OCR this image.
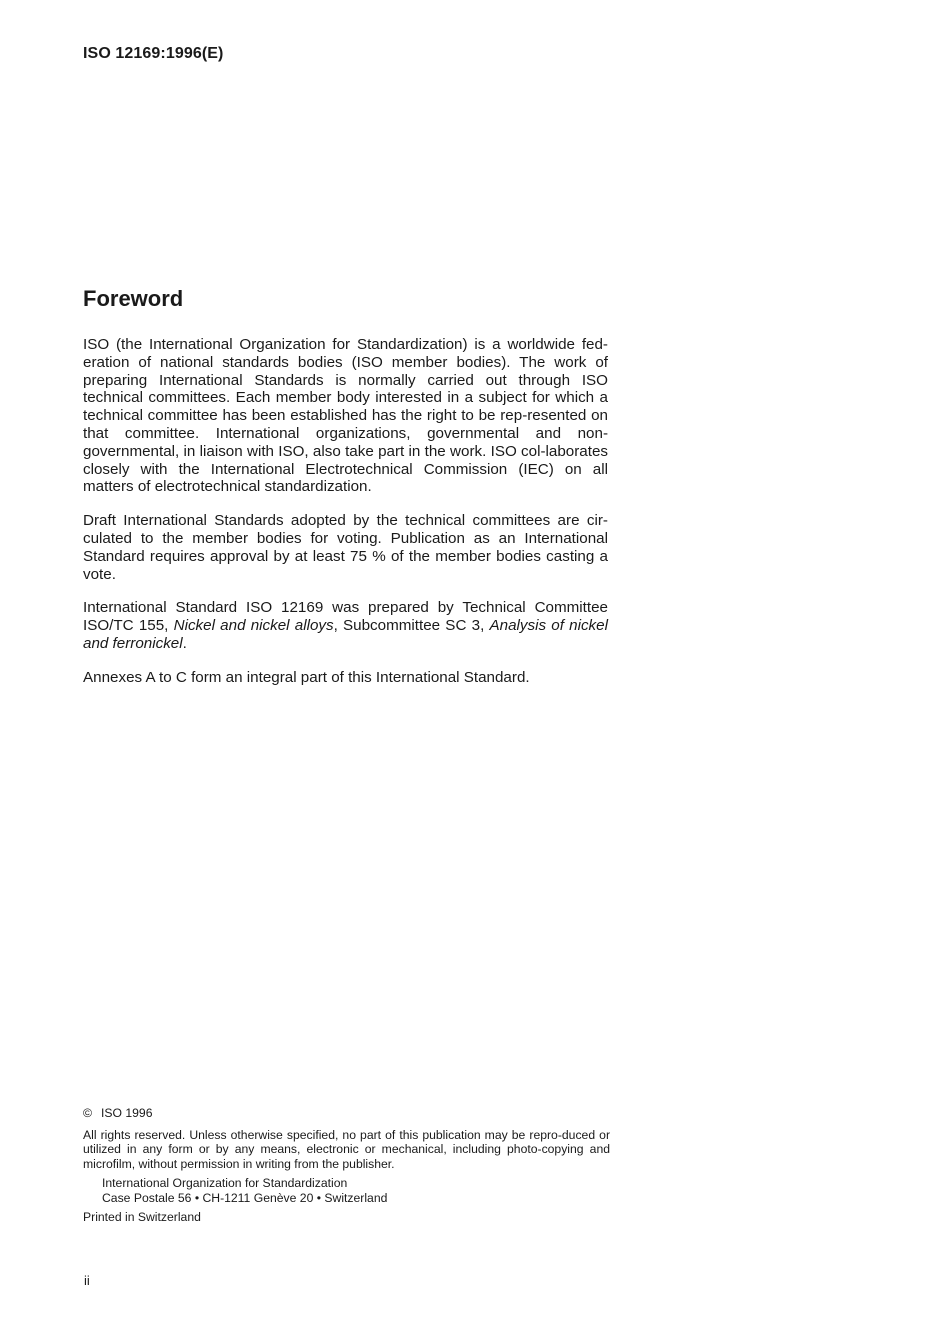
ISO 12169:1996(E)
Foreword

ISO (the International Organization for Standardization) is a worldwide fed-eration of national standards bodies (ISO member bodies). The work of preparing International Standards is normally carried out through ISO technical committees. Each member body interested in a subject for which a technical committee has been established has the right to be rep-resented on that committee. International organizations, governmental and non-governmental, in liaison with ISO, also take part in the work. ISO col-laborates closely with the International Electrotechnical Commission (IEC) on all matters of electrotechnical standardization.

Draft International Standards adopted by the technical committees are cir-culated to the member bodies for voting. Publication as an International Standard requires approval by at least 75 % of the member bodies casting a vote.

International Standard ISO 12169 was prepared by Technical Committee ISO/TC 155, Nickel and nickel alloys, Subcommittee SC 3, Analysis of nickel and ferronickel.

Annexes A to C form an integral part of this International Standard.

© ISO 1996
All rights reserved. Unless otherwise specified, no part of this publication may be repro-duced or utilized in any form or by any means, electronic or mechanical, including photo-copying and microfilm, without permission in writing from the publisher.
International Organization for Standardization
Case Postale 56 • CH-1211 Genève 20 • Switzerland
Printed in Switzerland
ii
